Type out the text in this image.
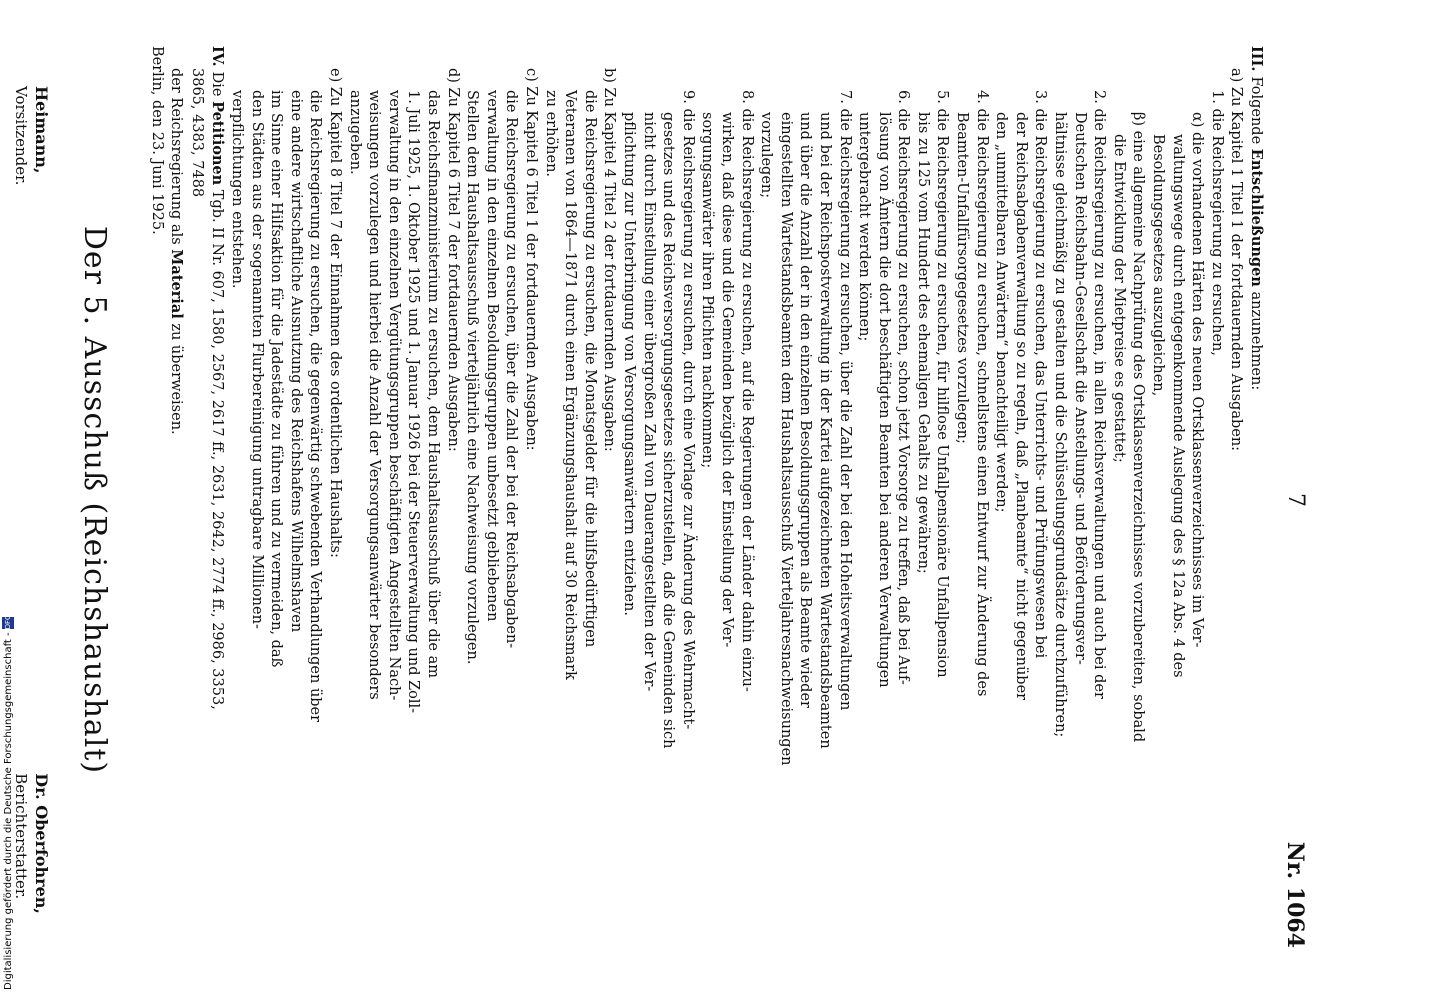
7
Nr. 1064
III. Folgende Entschließungen anzunehmen:
a) Zu Kapitel 1 Titel 1 der fortdauernden Ausgaben:
1. die Reichsregierung zu ersuchen,
α) die vorhandenen Härten des neuen Ortsklassenverzeichnisses im Ver-
waltungswege durch entgegenkommende Auslegung des § 12a Abs. 4 des
Besoldungsgesetzes auszugleichen,
β) eine allgemeine Nachprüfung des Ortsklassenverzeichnisses vorzubereiten, sobald
die Entwicklung der Mietpreise es gestattet;
2. die Reichsregierung zu ersuchen, in allen Reichsverwaltungen und auch bei der
Deutschen Reichsbahn-Gesellschaft die Anstellungs- und Beförderungsver-
hältnisse gleichmäßig zu gestalten und die Schlüsselungsgrundsätze durchzuführen;
3. die Reichsregierung zu ersuchen, das Unterrichts- und Prüfungswesen bei
der Reichsabgabenverwaltung so zu regeln, daß „Planbeamte“ nicht gegenüber
den „unmittelbaren Anwärtern“ benachteiligt werden;
4. die Reichsregierung zu ersuchen, schnellstens einen Entwurf zur Änderung des
Beamten-Unfallfürsorgegesetzes vorzulegen;
5. die Reichsregierung zu ersuchen, für hilflose Unfallpensionäre Unfallpension
bis zu 125 vom Hundert des ehemaligen Gehalts zu gewähren;
6. die Reichsregierung zu ersuchen, schon jetzt Vorsorge zu treffen, daß bei Auf-
lösung von Ämtern die dort beschäftigten Beamten bei anderen Verwaltungen
untergebracht werden können;
7. die Reichsregierung zu ersuchen, über die Zahl der bei den Hoheitsverwaltungen
und bei der Reichspostverwaltung in der Kartei aufgezeichneten Wartestandsbeamten
und über die Anzahl der in den einzelnen Besoldungsgruppen als Beamte wieder
eingestellten Wartestandsbeamten dem Haushaltsausschuß Vierteljahresnachweisungen
vorzulegen;
8. die Reichsregierung zu ersuchen, auf die Regierungen der Länder dahin einzu-
wirken, daß diese und die Gemeinden bezüglich der Einstellung der Ver-
sorgungsanwärter ihren Pflichten nachkommen;
9. die Reichsregierung zu ersuchen, durch eine Vorlage zur Änderung des Wehrmacht-
gesetzes und des Reichsversorgungsgesetzes sicherzustellen, daß die Gemeinden sich
nicht durch Einstellung einer übergroßen Zahl von Dauerangestellten der Ver-
pflichtung zur Unterbringung von Versorgungsanwärtern entziehen.
b) Zu Kapitel 4 Titel 2 der fortdauernden Ausgaben:
die Reichsregierung zu ersuchen, die Monatsgelder für die hilfsbedürftigen
Veteranen von 1864—1871 durch einen Ergänzungshaushalt auf 30 Reichsmark
zu erhöhen.
c) Zu Kapitel 6 Titel 1 der fortdauernden Ausgaben:
die Reichsregierung zu ersuchen, über die Zahl der bei der Reichsabgaben-
verwaltung in den einzelnen Besoldungsgruppen unbesetzt gebliebenen
Stellen dem Haushaltsausschuß vierteljährlich eine Nachweisung vorzulegen.
d) Zu Kapitel 6 Titel 7 der fortdauernden Ausgaben:
das Reichsfinanzministerium zu ersuchen, dem Haushaltsausschuß über die am
1. Juli 1925, 1. Oktober 1925 und 1. Januar 1926 bei der Steuerverwaltung und Zoll-
verwaltung in den einzelnen Vergütungsgruppen beschäftigten Angestellten Nach-
weisungen vorzulegen und hierbei die Anzahl der Versorgungsanwärter besonders
anzugeben.
e) Zu Kapitel 8 Titel 7 der Einnahmen des ordentlichen Haushalts:
die Reichsregierung zu ersuchen, die gegenwärtig schwebenden Verhandlungen über
eine andere wirtschaftliche Ausnutzung des Reichshafens Wilhelmshaven
im Sinne einer Hilfsaktion für die Jadestädte zu führen und zu vermeiden, daß
den Städten aus der sogenannten Flurbereinigung untragbare Millionen-
verpflichtungen entstehen.
IV. Die Petitionen Tgb. II Nr. 607, 1580, 2567, 2617 ff., 2631, 2642, 2774 ff., 2986, 3353,
3865, 4383, 7488
der Reichsregierung als Material zu überweisen.
Berlin, den 23. Juni 1925.
Der 5. Ausschuß (Reichshaushalt)
Heimann,
Vorsitzender.
Dr. Oberfohren,
Berichterstatter.
Digitalisierung gefördert durch die Deutsche Forschungsgemeinschaft -DFG
